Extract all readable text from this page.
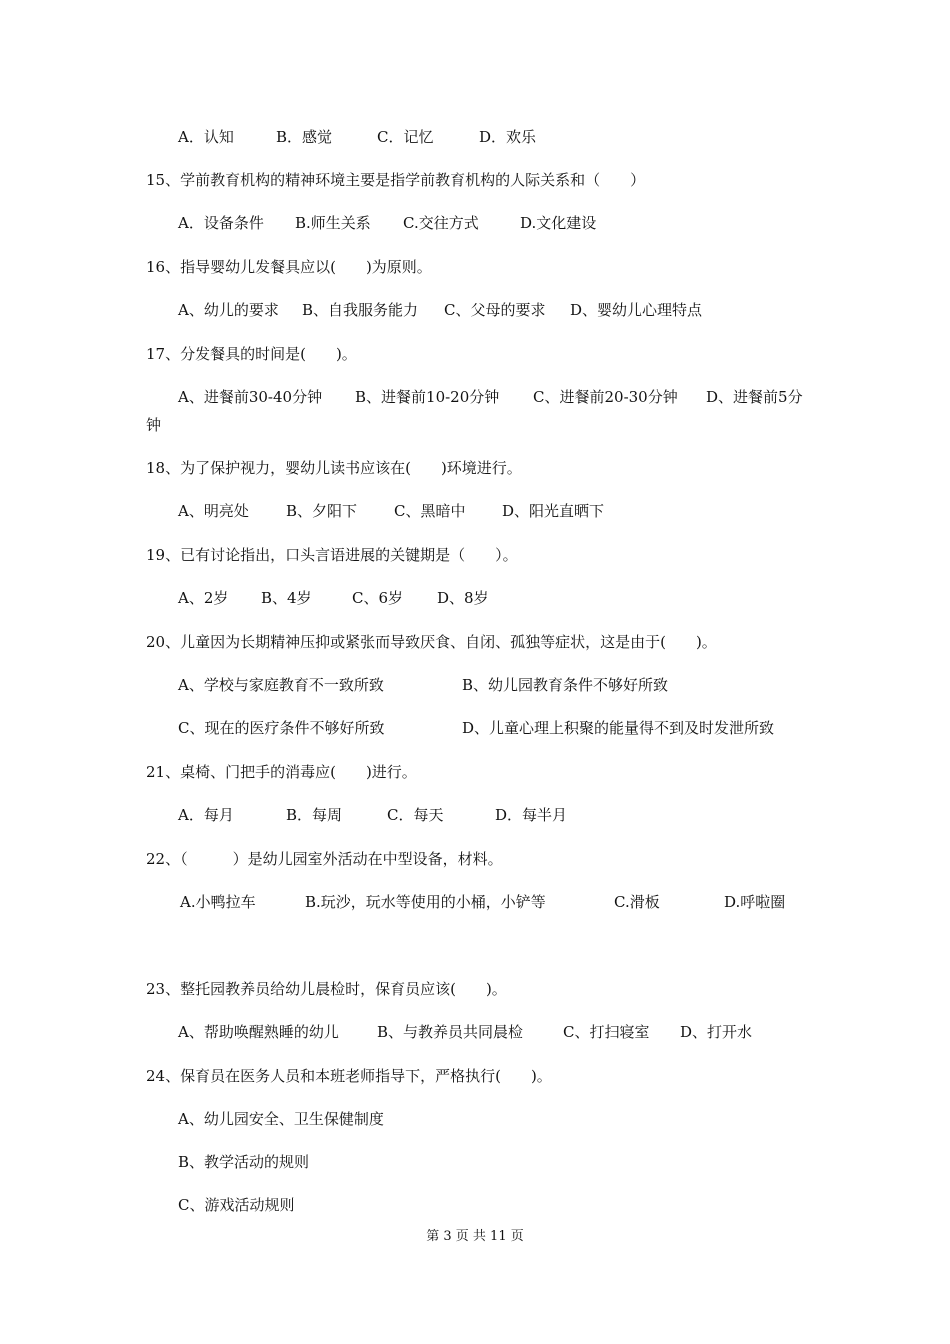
A．认知	B．感觉	C．记忆	D．欢乐
15、学前教育机构的精神环境主要是指学前教育机构的人际关系和（　　）
A．设备条件 B.师生关系 C.交往方式	D.文化建设
16、指导婴幼儿发餐具应以(　　)为原则。
A、幼儿的要求 B、自我服务能力 C、父母的要求 D、婴幼儿心理特点
17、分发餐具的时间是(　　)。
A、进餐前30-40分钟 B、进餐前10-20分钟 C、进餐前20-30分钟 D、进餐前5分
钟
18、为了保护视力，婴幼儿读书应该在(　　)环境进行。
A、明亮处 B、夕阳下 C、黑暗中 D、阳光直晒下
19、已有讨论指出，口头言语进展的关键期是（　　）。
A、2岁 B、4岁	C、6岁 D、8岁
20、儿童因为长期精神压抑或紧张而导致厌食、自闭、孤独等症状，这是由于(　　)。
A、学校与家庭教育不一致所致	B、幼儿园教育条件不够好所致
C、现在的医疗条件不够好所致	D、儿童心理上积聚的能量得不到及时发泄所致
21、桌椅、门把手的消毒应(　　)进行。
A．每月	B．每周	C．每天	D．每半月
22、（　　　）是幼儿园室外活动在中型设备，材料。
A.小鸭拉车	B.玩沙，玩水等使用的小桶，小铲等	C.滑板	D.呼啦圈
23、整托园教养员给幼儿晨检时，保育员应该(　　)。
A、帮助唤醒熟睡的幼儿	B、与教养员共同晨检	C、打扫寝室 D、打开水
24、保育员在医务人员和本班老师指导下，严格执行(　　)。
A、幼儿园安全、卫生保健制度
B、教学活动的规则
C、游戏活动规则
第 3 页 共 11 页
